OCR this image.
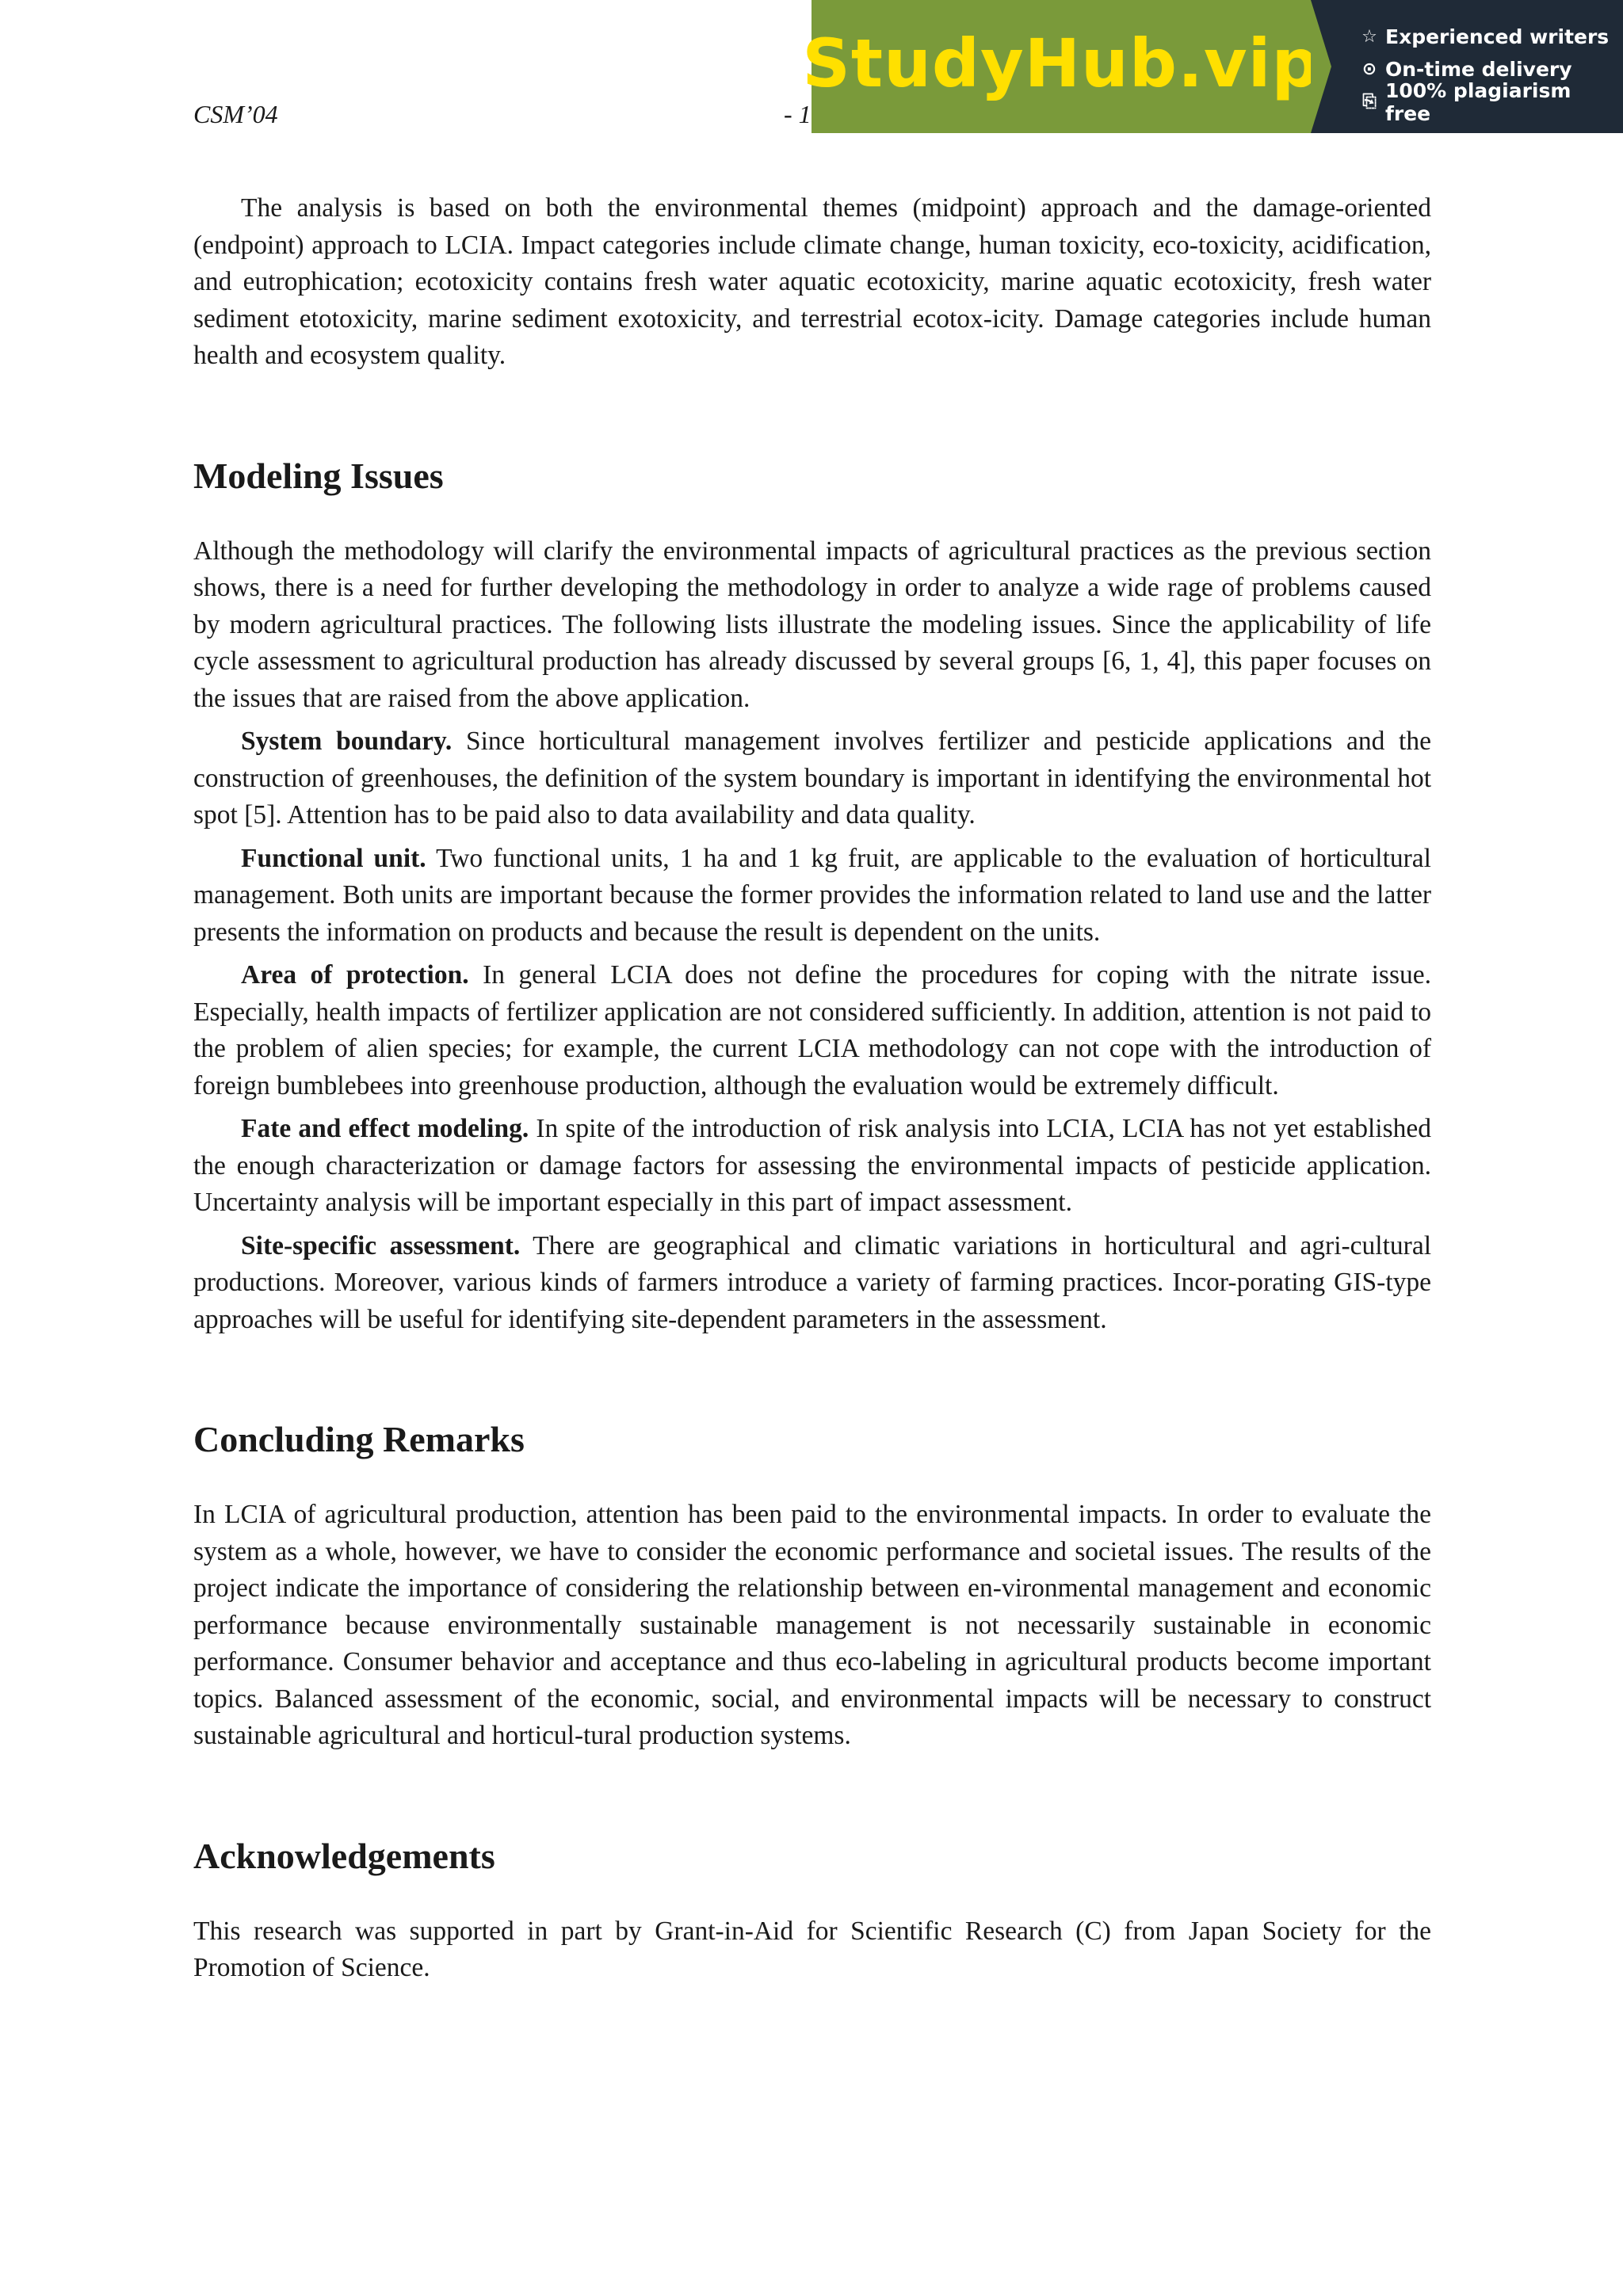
CSM’04	- 1
StudyHub.vip ☆ Experienced writers
⊙ On-time delivery
⎘ 100% plagiarism free

The analysis is based on both the environmental themes (midpoint) approach and the damage-oriented (endpoint) approach to LCIA. Impact categories include climate change, human toxicity, eco-toxicity, acidification, and eutrophication; ecotoxicity contains fresh water aquatic ecotoxicity, marine aquatic ecotoxicity, fresh water sediment etotoxicity, marine sediment exotoxicity, and terrestrial ecotox-icity. Damage categories include human health and ecosystem quality.

Modeling Issues

Although the methodology will clarify the environmental impacts of agricultural practices as the previous section shows, there is a need for further developing the methodology in order to analyze a wide rage of problems caused by modern agricultural practices. The following lists illustrate the modeling issues. Since the applicability of life cycle assessment to agricultural production has already discussed by several groups [6, 1, 4], this paper focuses on the issues that are raised from the above application.

System boundary. Since horticultural management involves fertilizer and pesticide applications and the construction of greenhouses, the definition of the system boundary is important in identifying the environmental hot spot [5]. Attention has to be paid also to data availability and data quality.

Functional unit. Two functional units, 1 ha and 1 kg fruit, are applicable to the evaluation of horticultural management. Both units are important because the former provides the information related to land use and the latter presents the information on products and because the result is dependent on the units.

Area of protection. In general LCIA does not define the procedures for coping with the nitrate issue. Especially, health impacts of fertilizer application are not considered sufficiently. In addition, attention is not paid to the problem of alien species; for example, the current LCIA methodology can not cope with the introduction of foreign bumblebees into greenhouse production, although the evaluation would be extremely difficult.

Fate and effect modeling. In spite of the introduction of risk analysis into LCIA, LCIA has not yet established the enough characterization or damage factors for assessing the environmental impacts of pesticide application. Uncertainty analysis will be important especially in this part of impact assessment.

Site-specific assessment. There are geographical and climatic variations in horticultural and agri-cultural productions. Moreover, various kinds of farmers introduce a variety of farming practices. Incor-porating GIS-type approaches will be useful for identifying site-dependent parameters in the assessment.

Concluding Remarks

In LCIA of agricultural production, attention has been paid to the environmental impacts. In order to evaluate the system as a whole, however, we have to consider the economic performance and societal issues. The results of the project indicate the importance of considering the relationship between en-vironmental management and economic performance because environmentally sustainable management is not necessarily sustainable in economic performance. Consumer behavior and acceptance and thus eco-labeling in agricultural products become important topics. Balanced assessment of the economic, social, and environmental impacts will be necessary to construct sustainable agricultural and horticul-tural production systems.

Acknowledgements

This research was supported in part by Grant-in-Aid for Scientific Research (C) from Japan Society for the Promotion of Science.
